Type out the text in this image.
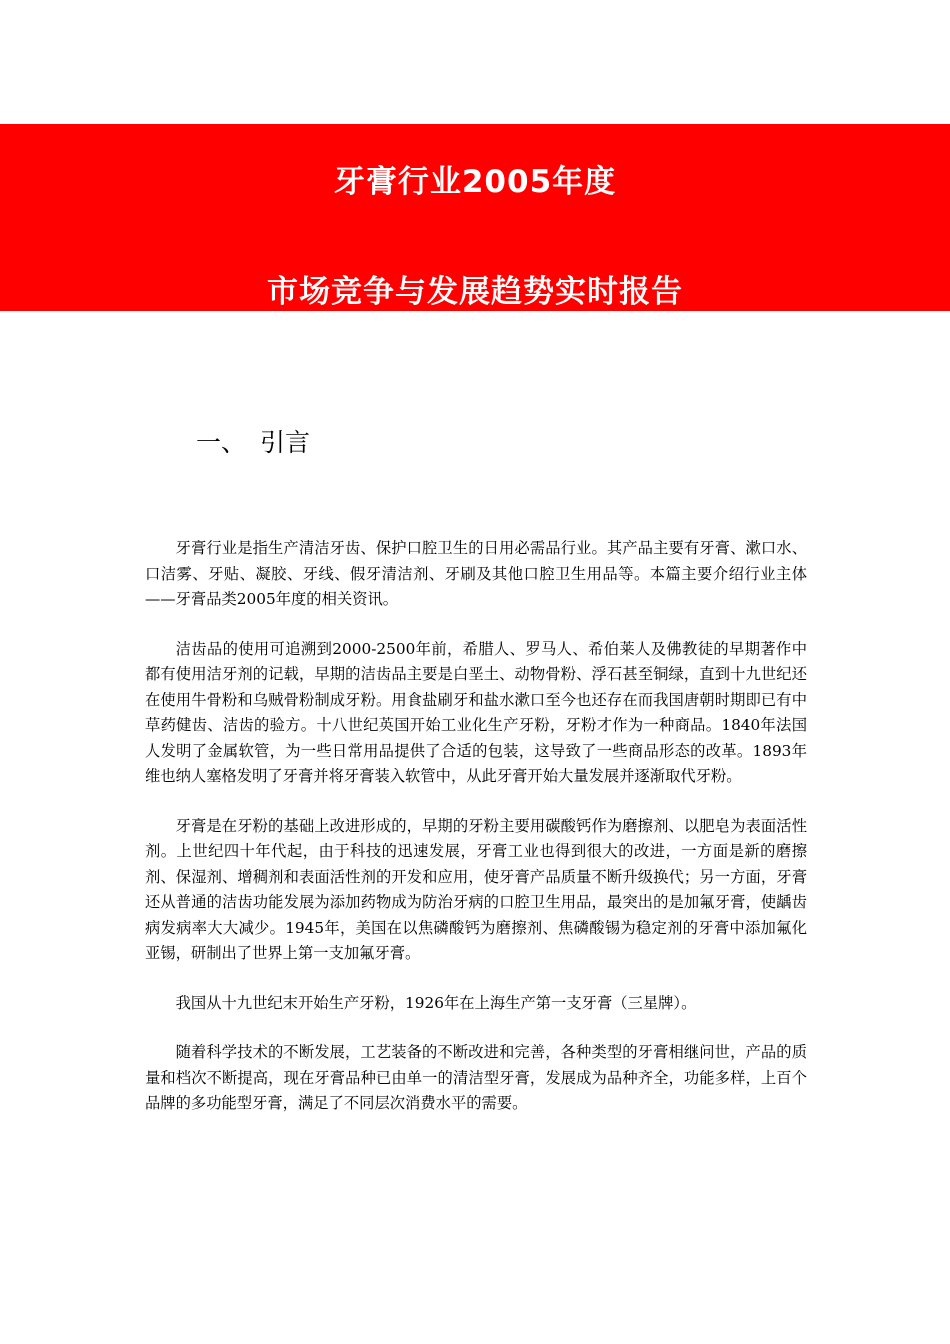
牙膏行业2005年度
市场竞争与发展趋势实时报告
一、 引言

牙膏行业是指生产清洁牙齿、保护口腔卫生的日用必需品行业。其产品主要有牙膏、漱口水、口洁雾、牙贴、凝胶、牙线、假牙清洁剂、牙刷及其他口腔卫生用品等。本篇主要介绍行业主体——牙膏品类2005年度的相关资讯。

洁齿品的使用可追溯到2000-2500年前，希腊人、罗马人、希伯莱人及佛教徒的早期著作中都有使用洁牙剂的记载，早期的洁齿品主要是白垩土、动物骨粉、浮石甚至铜绿，直到十九世纪还在使用牛骨粉和乌贼骨粉制成牙粉。用食盐刷牙和盐水漱口至今也还存在而我国唐朝时期即已有中草药健齿、洁齿的验方。十八世纪英国开始工业化生产牙粉，牙粉才作为一种商品。1840年法国人发明了金属软管，为一些日常用品提供了合适的包装，这导致了一些商品形态的改革。1893年维也纳人塞格发明了牙膏并将牙膏装入软管中，从此牙膏开始大量发展并逐渐取代牙粉。

牙膏是在牙粉的基础上改进形成的，早期的牙粉主要用碳酸钙作为磨擦剂、以肥皂为表面活性剂。上世纪四十年代起，由于科技的迅速发展，牙膏工业也得到很大的改进，一方面是新的磨擦剂、保湿剂、增稠剂和表面活性剂的开发和应用，使牙膏产品质量不断升级换代；另一方面，牙膏还从普通的洁齿功能发展为添加药物成为防治牙病的口腔卫生用品，最突出的是加氟牙膏，使龋齿病发病率大大减少。1945年，美国在以焦磷酸钙为磨擦剂、焦磷酸锡为稳定剂的牙膏中添加氟化亚锡，研制出了世界上第一支加氟牙膏。

我国从十九世纪末开始生产牙粉，1926年在上海生产第一支牙膏（三星牌）。

随着科学技术的不断发展，工艺装备的不断改进和完善，各种类型的牙膏相继问世，产品的质量和档次不断提高，现在牙膏品种已由单一的清洁型牙膏，发展成为品种齐全，功能多样，上百个品牌的多功能型牙膏，满足了不同层次消费水平的需要。
